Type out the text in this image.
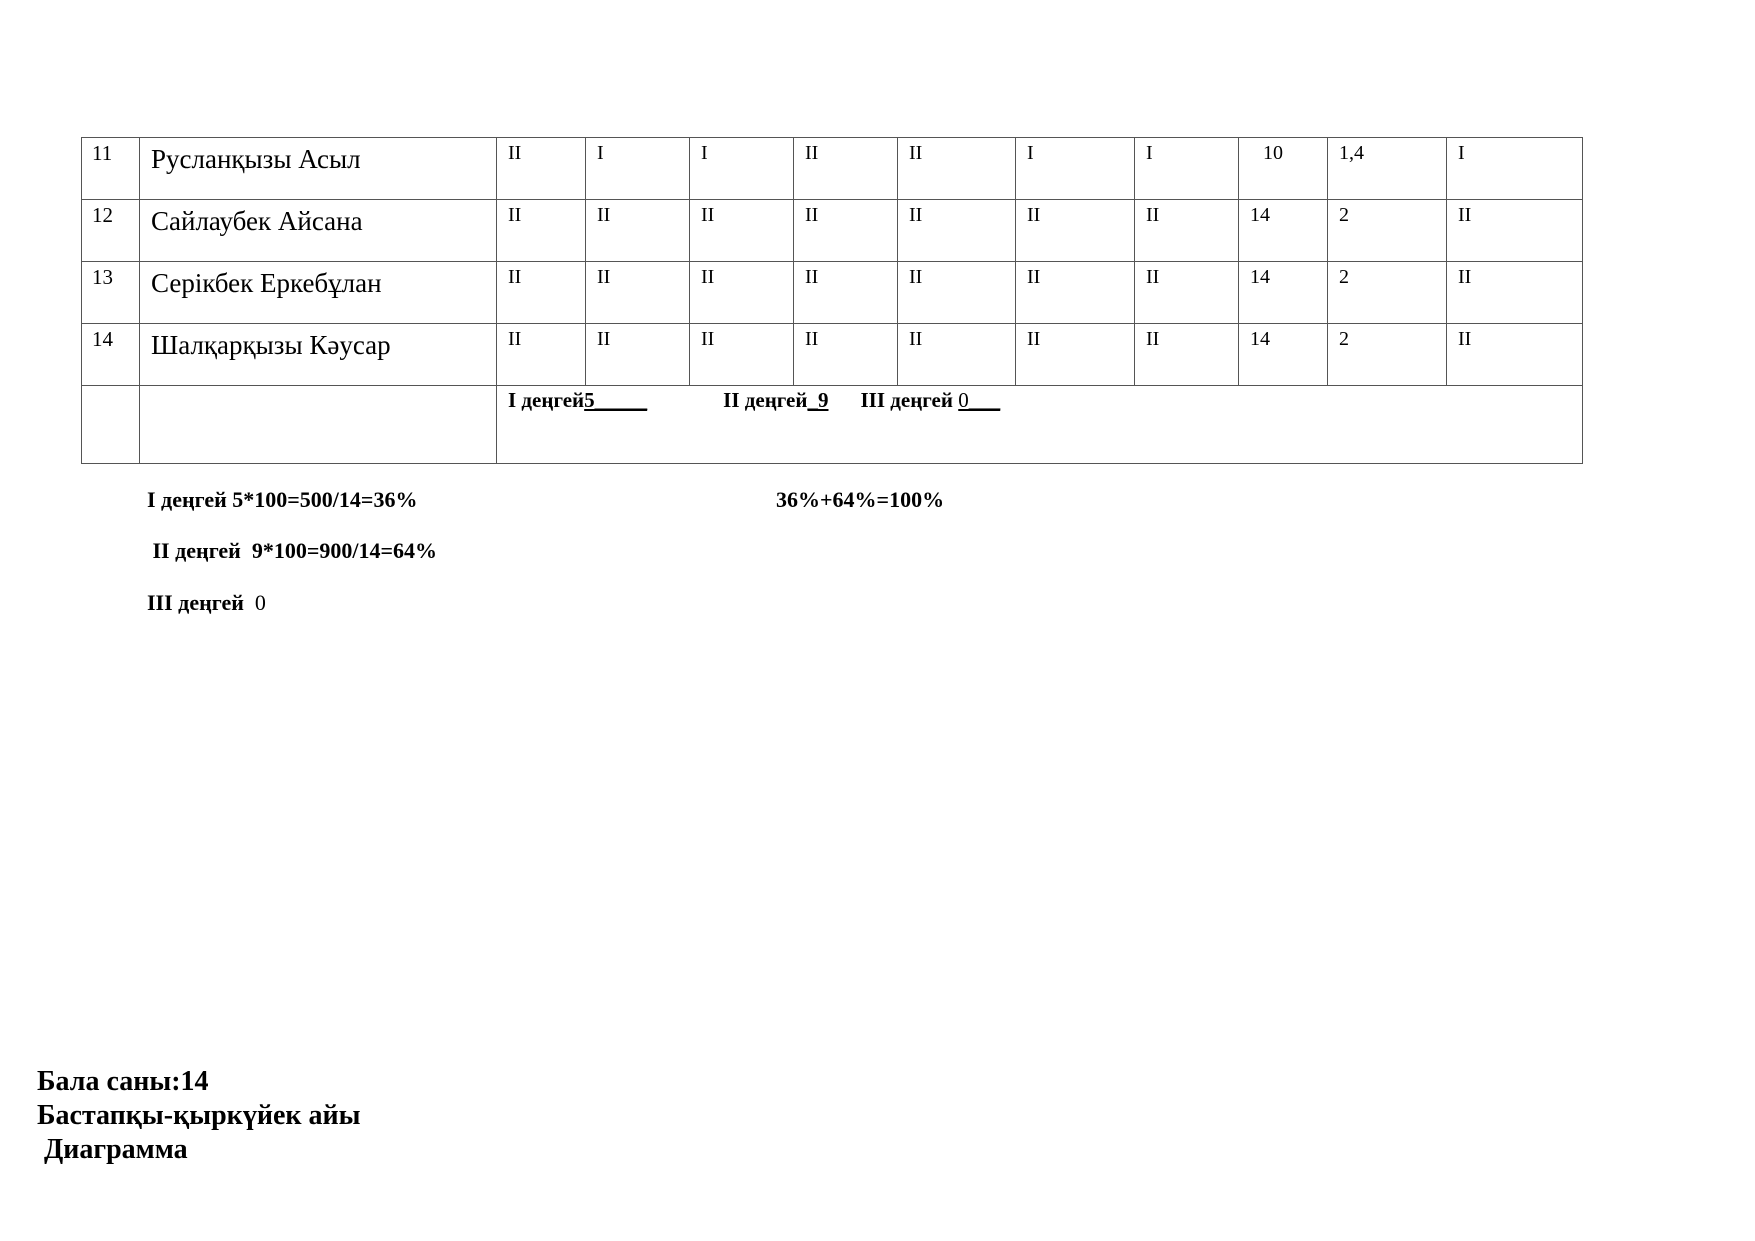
11	Русланқызы Асыл	II	I	I	II	II	I	I	10	1,4	I
12	Сайлаубек Айсана	II	II	II	II	II	II	II	14	2	II
13	Серікбек Еркебұлан	II	II	II	II	II	II	II	14	2	II
14	Шалқарқызы Кәусар	II	II	II	II	II	II	II	14	2	II
		I деңгей5_____ II деңгей_9 III деңгей 0___									
I деңгей 5*100=500/14=36%	36%+64%=100%
II деңгей  9*100=900/14=64%
III деңгей 0
Бала саны:14
Бастапқы-қыркүйек айы
Диаграмма
